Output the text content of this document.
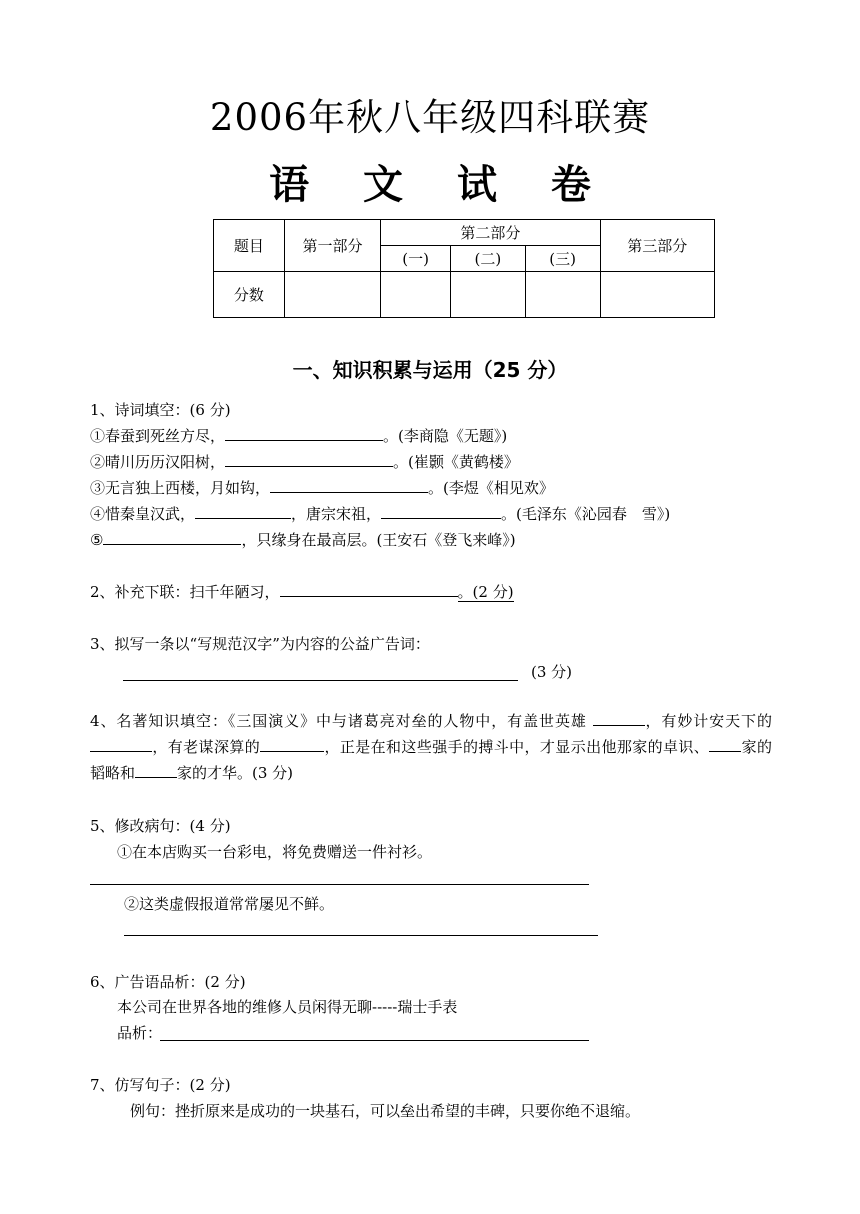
2006年秋八年级四科联赛
语 文 试 卷
题目	第一部分	第二部分			第三部分
		(一)	(二)	(三)	
分数					
一、知识积累与运用（25 分）
1、诗词填空：(6 分)
①春蚕到死丝方尽，	。(李商隐《无题》)
②晴川历历汉阳树，	。(崔颢《黄鹤楼》
③无言独上西楼，月如钩，	。(李煜《相见欢》
④惜秦皇汉武，	，唐宗宋祖，	。(毛泽东《沁园春　雪》)
⑤	，只缘身在最高层。(王安石《登飞来峰》)
2、补充下联：扫千年陋习，	。(2 分)
3、拟写一条以“写规范汉字”为内容的公益广告词：
(3 分)
4、名著知识填空：《三国演义》中与诸葛亮对垒的人物中，有盖世英雄	，有妙计安天下的，有老谋深算的	，正是在和这些强手的搏斗中，才显示出他那家的卓识、 家的韬略和	家的才华。(3 分)
5、修改病句：(4 分)
①在本店购买一台彩电，将免费赠送一件衬衫。
②这类虚假报道常常屡见不鲜。
6、广告语品析：(2 分)
本公司在世界各地的维修人员闲得无聊-----瑞士手表
品析：
7、仿写句子：(2 分)
例句：挫折原来是成功的一块基石，可以垒出希望的丰碑，只要你绝不退缩。
